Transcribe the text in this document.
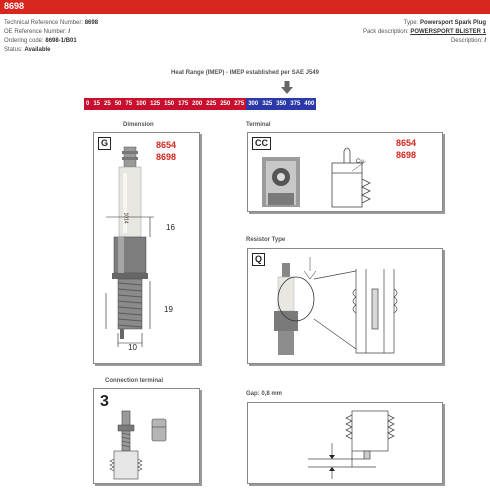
8698
Technical Reference Number: 8698
OE Reference Number: /
Ordering code: 8698-1/B01
Status: Available
Type: Powersport Spark Plug
Pack description: POWERSPORT BLISTER 1
Description: /
Heat Range (IMEP) - IMEP established per SAE J549
0 15 25 50 75 100 125 150 175 200 225 250 275 300 325 350 375 400
Dimension
G	8654
8698
1014
16
19
10
Terminal
CC	8654
8698
Cu
Resistor Type
Q
Connection terminal
3	Gap: 0,8 mm
